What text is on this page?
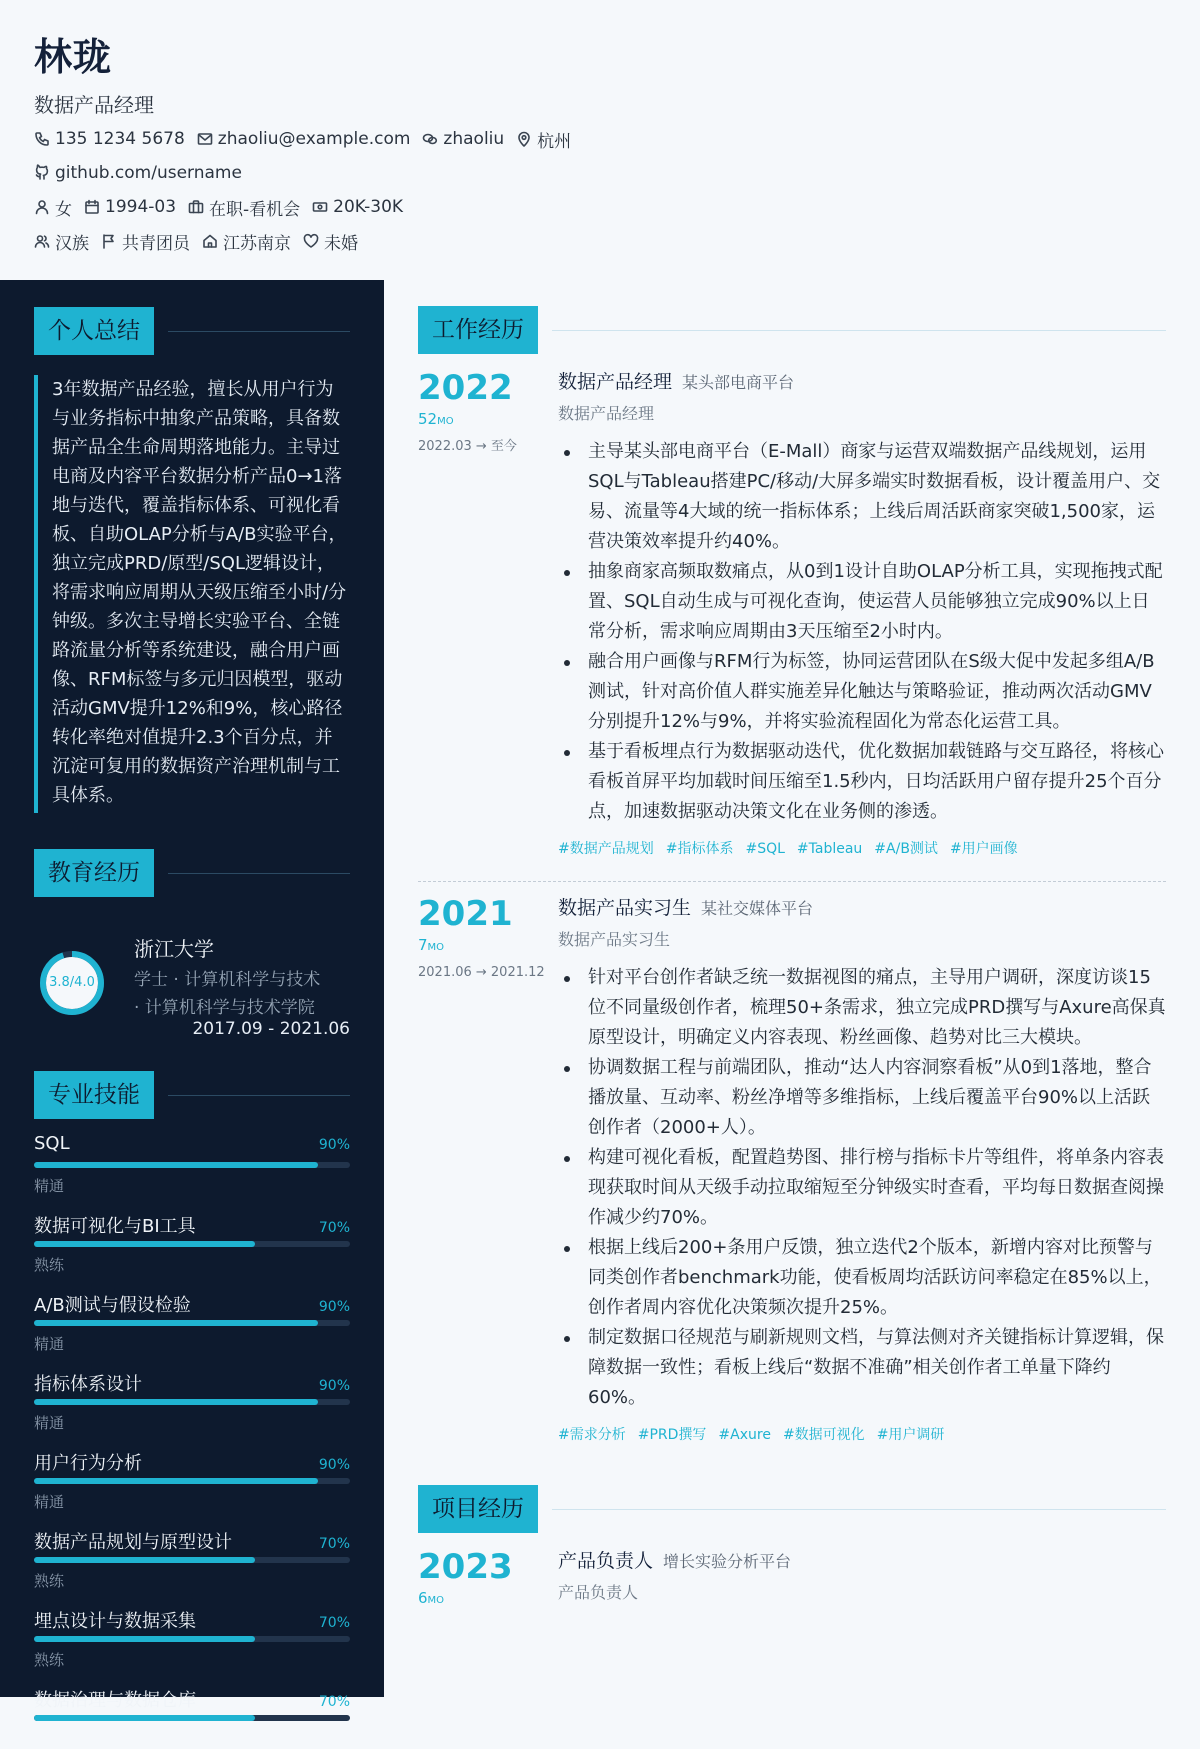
林珑
数据产品经理
135 1234 5678 zhaoliu@example.com zhaoliu 杭州
github.com/username
女 1994-03 在职-看机会 20K-30K
汉族 共青团员 江苏南京 未婚
个人总结
3年数据产品经验，擅长从用户行为与业务指标中抽象产品策略，具备数据产品全生命周期落地能力。主导过电商及内容平台数据分析产品0→1落地与迭代，覆盖指标体系、可视化看板、自助OLAP分析与A/B实验平台，独立完成PRD/原型/SQL逻辑设计，将需求响应周期从天级压缩至小时/分钟级。多次主导增长实验平台、全链路流量分析等系统建设，融合用户画像、RFM标签与多元归因模型，驱动活动GMV提升12%和9%，核心路径转化率绝对值提升2.3个百分点，并沉淀可复用的数据资产治理机制与工具体系。
教育经历
3.8/4.0
浙江大学
学士 · 计算机科学与技术
· 计算机科学与技术学院
2017.09 - 2021.06
专业技能
SQL	90%
精通
数据可视化与BI工具	70%
熟练
A/B测试与假设检验	90%
精通
指标体系设计	90%
精通
用户行为分析	90%
精通
数据产品规划与原型设计	70%
熟练
埋点设计与数据采集	70%
熟练
数据治理与数据仓库	70%
工作经历
2022
52MO
2022.03 → 至今
数据产品经理 某头部电商平台
数据产品经理
主导某头部电商平台（E-Mall）商家与运营双端数据产品线规划，运用SQL与Tableau搭建PC/移动/大屏多端实时数据看板，设计覆盖用户、交易、流量等4大域的统一指标体系；上线后周活跃商家突破1,500家，运营决策效率提升约40%。
抽象商家高频取数痛点，从0到1设计自助OLAP分析工具，实现拖拽式配置、SQL自动生成与可视化查询，使运营人员能够独立完成90%以上日常分析，需求响应周期由3天压缩至2小时内。
融合用户画像与RFM行为标签，协同运营团队在S级大促中发起多组A/B测试，针对高价值人群实施差异化触达与策略验证，推动两次活动GMV分别提升12%与9%，并将实验流程固化为常态化运营工具。
基于看板埋点行为数据驱动迭代，优化数据加载链路与交互路径，将核心看板首屏平均加载时间压缩至1.5秒内，日均活跃用户留存提升25个百分点，加速数据驱动决策文化在业务侧的渗透。
#数据产品规划 #指标体系 #SQL #Tableau #A/B测试 #用户画像
2021
7MO
2021.06 → 2021.12
数据产品实习生 某社交媒体平台
数据产品实习生
针对平台创作者缺乏统一数据视图的痛点，主导用户调研，深度访谈15位不同量级创作者，梳理50+条需求，独立完成PRD撰写与Axure高保真原型设计，明确定义内容表现、粉丝画像、趋势对比三大模块。
协调数据工程与前端团队，推动“达人内容洞察看板”从0到1落地，整合播放量、互动率、粉丝净增等多维指标，上线后覆盖平台90%以上活跃创作者（2000+人）。
构建可视化看板，配置趋势图、排行榜与指标卡片等组件，将单条内容表现获取时间从天级手动拉取缩短至分钟级实时查看，平均每日数据查阅操作减少约70%。
根据上线后200+条用户反馈，独立迭代2个版本，新增内容对比预警与同类创作者benchmark功能，使看板周均活跃访问率稳定在85%以上，创作者周内容优化决策频次提升25%。
制定数据口径规范与刷新规则文档，与算法侧对齐关键指标计算逻辑，保障数据一致性；看板上线后“数据不准确”相关创作者工单量下降约60%。
#需求分析 #PRD撰写 #Axure #数据可视化 #用户调研
项目经历
2023
6MO
产品负责人 增长实验分析平台
产品负责人
